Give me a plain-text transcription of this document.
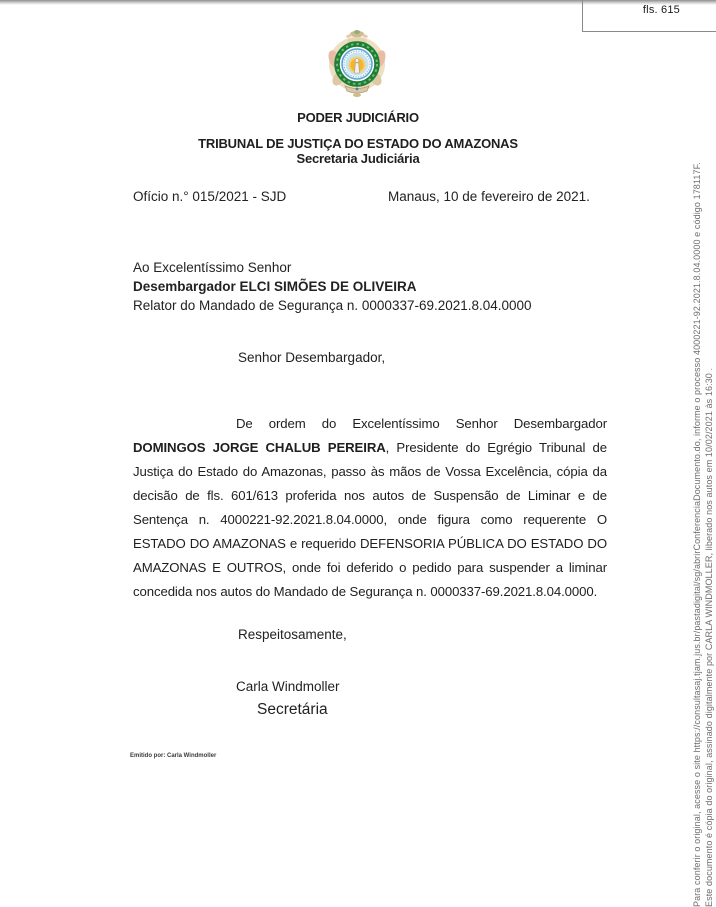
fls. 615
PODER JUDICIÁRIO
TRIBUNAL DE JUSTIÇA DO ESTADO DO AMAZONAS
Secretaria Judiciária
Ofício n.° 015/2021 - SJD	Manaus, 10 de fevereiro de 2021.
Ao Excelentíssimo Senhor
Desembargador ELCI SIMÕES DE OLIVEIRA
Relator do Mandado de Segurança n. 0000337-69.2021.8.04.0000
Senhor Desembargador,
De ordem do Excelentíssimo Senhor Desembargador DOMINGOS JORGE CHALUB PEREIRA, Presidente do Egrégio Tribunal de Justiça do Estado do Amazonas, passo às mãos de Vossa Excelência, cópia da decisão de fls. 601/613 proferida nos autos de Suspensão de Liminar e de Sentença n. 4000221-92.2021.8.04.0000, onde figura como requerente O ESTADO DO AMAZONAS e requerido DEFENSORIA PÚBLICA DO ESTADO DO AMAZONAS E OUTROS, onde foi deferido o pedido para suspender a liminar concedida nos autos do Mandado de Segurança n. 0000337-69.2021.8.04.0000.
Respeitosamente,
Carla Windmoller
Secretária
Emitido por: Carla Windmoller	Para conferir o original, acesse o site https://consultasaj.tjam.jus.br/pastadigital/sg/abrirConferenciaDocumento.do, informe o processo 4000221-92.2021.8.04.0000 e código 178117F. Este documento é cópia do original, assinado digitalmente por CARLA WINDMOLLER, liberado nos autos em 10/02/2021 às 16:30 .
